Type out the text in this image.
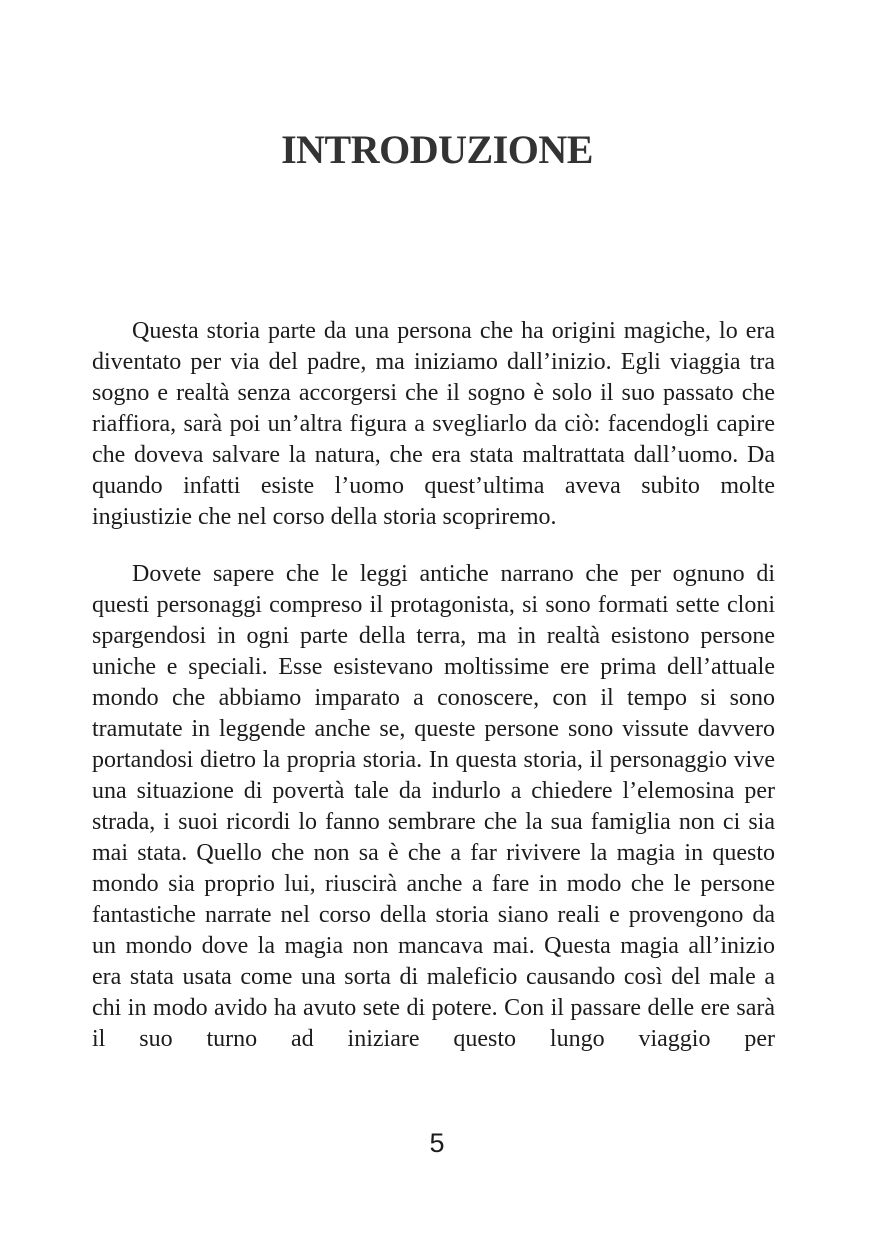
INTRODUZIONE

Questa storia parte da una persona che ha origini magiche, lo era diventato per via del padre, ma iniziamo dall’inizio. Egli viaggia tra sogno e realtà senza accorgersi che il sogno è solo il suo passato che riaffiora, sarà poi un’altra figura a svegliarlo da ciò: facendogli capire che doveva salvare la natura, che era stata maltrattata dall’uomo. Da quando infatti esiste l’uomo quest’ultima aveva subito molte ingiustizie che nel corso della storia scopriremo.

Dovete sapere che le leggi antiche narrano che per ognuno di questi personaggi compreso il protagonista, si sono formati sette cloni spargendosi in ogni parte della terra, ma in realtà esistono persone uniche e speciali. Esse esistevano moltissime ere prima dell’attuale mondo che abbiamo imparato a conoscere, con il tempo si sono tramutate in leggende anche se, queste persone sono vissute davvero portandosi dietro la propria storia. In questa storia, il personaggio vive una situazione di povertà tale da indurlo a chiedere l’elemosina per strada, i suoi ricordi lo fanno sembrare che la sua famiglia non ci sia mai stata. Quello che non sa è che a far rivivere la magia in questo mondo sia proprio lui, riuscirà anche a fare in modo che le persone fantastiche narrate nel corso della storia siano reali e provengono da un mondo dove la magia non mancava mai. Questa magia all’inizio era stata usata come una sorta di maleficio causando così del male a chi in modo avido ha avuto sete di potere. Con il passare delle ere sarà il suo turno ad iniziare questo lungo viaggio per

5
